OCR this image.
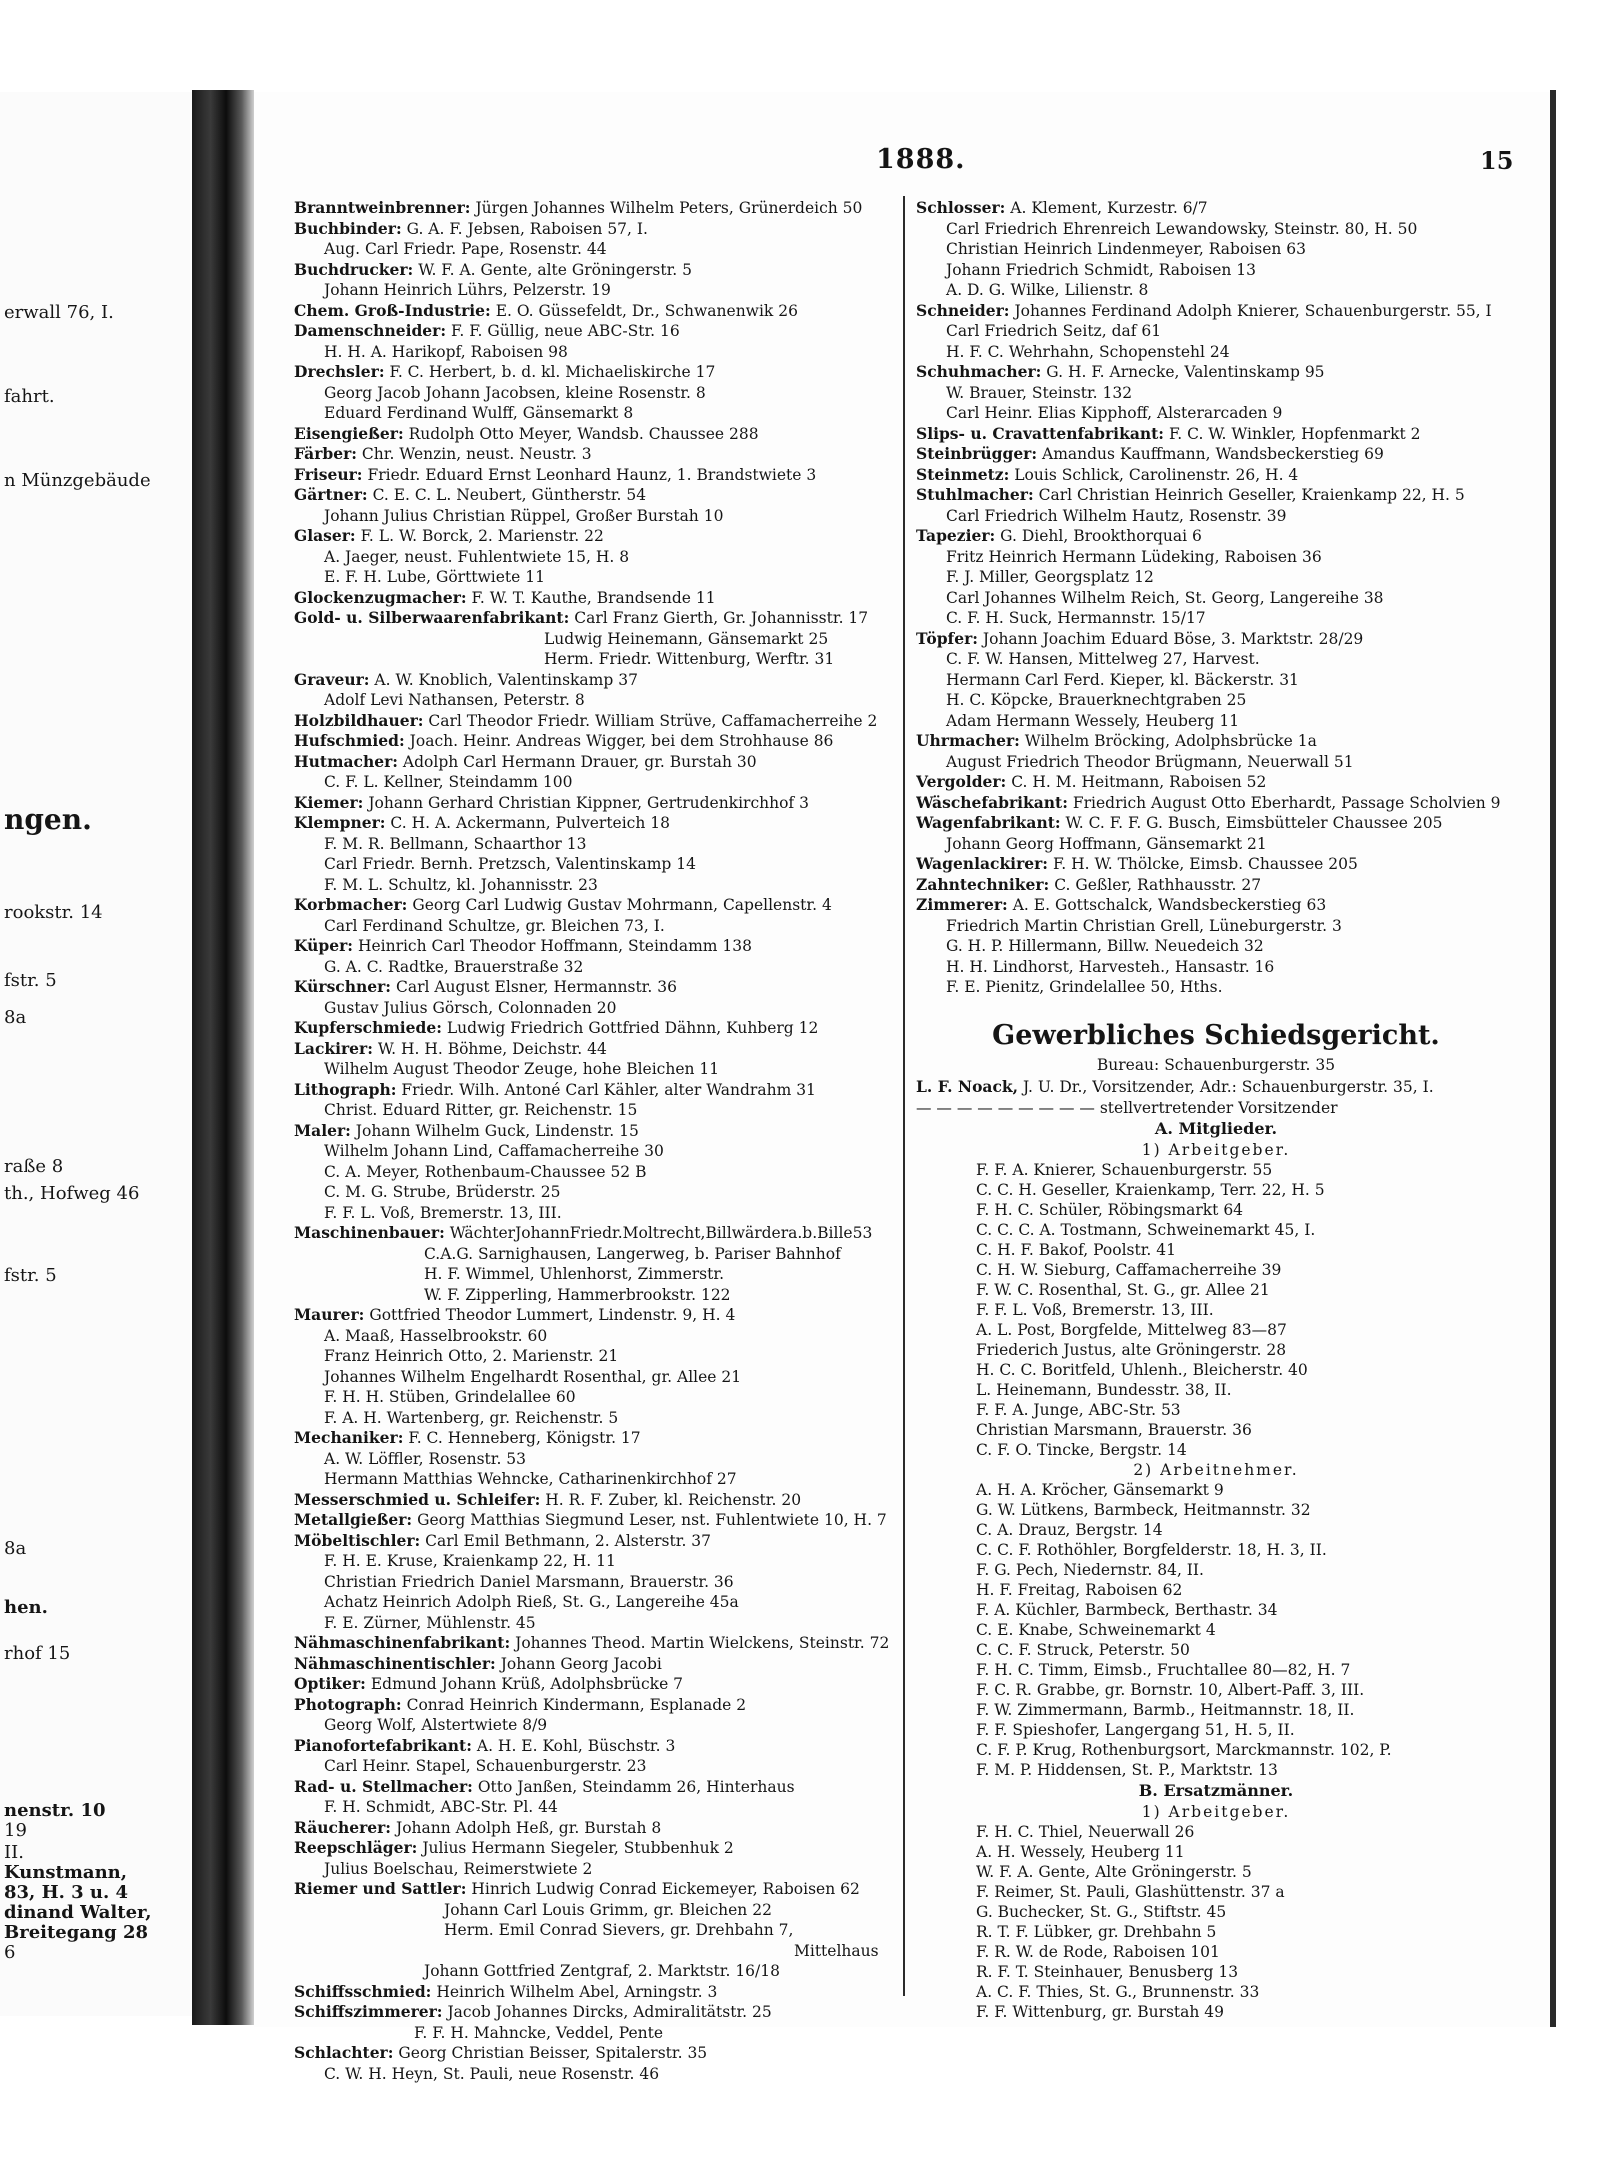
erwall 76, I.
fahrt.
n Münzgebäude
ngen.
rookstr. 14
fstr. 5
8a
raße 8
th., Hofweg 46
fstr. 5
8a
hen.
rhof 15
nenstr. 10
19
II.
Kunstmann,
83, H. 3 u. 4
dinand Walter,
Breitegang 28
6
1888.	15
Branntweinbrenner: Jürgen Johannes Wilhelm Peters, Grünerdeich 50
Buchbinder: G. A. F. Jebsen, Raboisen 57, I.
Aug. Carl Friedr. Pape, Rosenstr. 44
Buchdrucker: W. F. A. Gente, alte Gröningerstr. 5
Johann Heinrich Lührs, Pelzerstr. 19
Chem. Groß-Industrie: E. O. Güssefeldt, Dr., Schwanenwik 26
Damenschneider: F. F. Güllig, neue ABC-Str. 16
H. H. A. Harikopf, Raboisen 98
Drechsler: F. C. Herbert, b. d. kl. Michaeliskirche 17
Georg Jacob Johann Jacobsen, kleine Rosenstr. 8
Eduard Ferdinand Wulff, Gänsemarkt 8
Eisengießer: Rudolph Otto Meyer, Wandsb. Chaussee 288
Färber: Chr. Wenzin, neust. Neustr. 3
Friseur: Friedr. Eduard Ernst Leonhard Haunz, 1. Brandstwiete 3
Gärtner: C. E. C. L. Neubert, Güntherstr. 54
Johann Julius Christian Rüppel, Großer Burstah 10
Glaser: F. L. W. Borck, 2. Marienstr. 22
A. Jaeger, neust. Fuhlentwiete 15, H. 8
E. F. H. Lube, Görttwiete 11
Glockenzugmacher: F. W. T. Kauthe, Brandsende 11
Gold- u. Silberwaarenfabrikant: Carl Franz Gierth, Gr. Johannisstr. 17
Ludwig Heinemann, Gänsemarkt 25
Herm. Friedr. Wittenburg, Werftr. 31
Graveur: A. W. Knoblich, Valentinskamp 37
Adolf Levi Nathansen, Peterstr. 8
Holzbildhauer: Carl Theodor Friedr. William Strüve, Caffamacherreihe 2
Hufschmied: Joach. Heinr. Andreas Wigger, bei dem Strohhause 86
Hutmacher: Adolph Carl Hermann Drauer, gr. Burstah 30
C. F. L. Kellner, Steindamm 100
Kiemer: Johann Gerhard Christian Kippner, Gertrudenkirchhof 3
Klempner: C. H. A. Ackermann, Pulverteich 18
F. M. R. Bellmann, Schaarthor 13
Carl Friedr. Bernh. Pretzsch, Valentinskamp 14
F. M. L. Schultz, kl. Johannisstr. 23
Korbmacher: Georg Carl Ludwig Gustav Mohrmann, Capellenstr. 4
Carl Ferdinand Schultze, gr. Bleichen 73, I.
Küper: Heinrich Carl Theodor Hoffmann, Steindamm 138
G. A. C. Radtke, Brauerstraße 32
Kürschner: Carl August Elsner, Hermannstr. 36
Gustav Julius Görsch, Colonnaden 20
Kupferschmiede: Ludwig Friedrich Gottfried Dähnn, Kuhberg 12
Lackirer: W. H. H. Böhme, Deichstr. 44
Wilhelm August Theodor Zeuge, hohe Bleichen 11
Lithograph: Friedr. Wilh. Antoné Carl Kähler, alter Wandrahm 31
Christ. Eduard Ritter, gr. Reichenstr. 15
Maler: Johann Wilhelm Guck, Lindenstr. 15
Wilhelm Johann Lind, Caffamacherreihe 30
C. A. Meyer, Rothenbaum-Chaussee 52 B
C. M. G. Strube, Brüderstr. 25
F. F. L. Voß, Bremerstr. 13, III.
Maschinenbauer: WächterJohannFriedr.Moltrecht,Billwärdera.b.Bille53
C.A.G. Sarnighausen, Langerweg, b. Pariser Bahnhof
H. F. Wimmel, Uhlenhorst, Zimmerstr.
W. F. Zipperling, Hammerbrookstr. 122
Maurer: Gottfried Theodor Lummert, Lindenstr. 9, H. 4
A. Maaß, Hasselbrookstr. 60
Franz Heinrich Otto, 2. Marienstr. 21
Johannes Wilhelm Engelhardt Rosenthal, gr. Allee 21
F. H. H. Stüben, Grindelallee 60
F. A. H. Wartenberg, gr. Reichenstr. 5
Mechaniker: F. C. Henneberg, Königstr. 17
A. W. Löffler, Rosenstr. 53
Hermann Matthias Wehncke, Catharinenkirchhof 27
Messerschmied u. Schleifer: H. R. F. Zuber, kl. Reichenstr. 20
Metallgießer: Georg Matthias Siegmund Leser, nst. Fuhlentwiete 10, H. 7
Möbeltischler: Carl Emil Bethmann, 2. Alsterstr. 37
F. H. E. Kruse, Kraienkamp 22, H. 11
Christian Friedrich Daniel Marsmann, Brauerstr. 36
Achatz Heinrich Adolph Rieß, St. G., Langereihe 45a
F. E. Zürner, Mühlenstr. 45
Nähmaschinenfabrikant: Johannes Theod. Martin Wielckens, Steinstr. 72
Nähmaschinentischler: Johann Georg Jacobi
Optiker: Edmund Johann Krüß, Adolphsbrücke 7
Photograph: Conrad Heinrich Kindermann, Esplanade 2
Georg Wolf, Alstertwiete 8/9
Pianofortefabrikant: A. H. E. Kohl, Büschstr. 3
Carl Heinr. Stapel, Schauenburgerstr. 23
Rad- u. Stellmacher: Otto Janßen, Steindamm 26, Hinterhaus
F. H. Schmidt, ABC-Str. Pl. 44
Räucherer: Johann Adolph Heß, gr. Burstah 8
Reepschläger: Julius Hermann Siegeler, Stubbenhuk 2
Julius Boelschau, Reimerstwiete 2
Riemer und Sattler: Hinrich Ludwig Conrad Eickemeyer, Raboisen 62
Johann Carl Louis Grimm, gr. Bleichen 22
Herm. Emil Conrad Sievers, gr. Drehbahn 7,
Mittelhaus
Johann Gottfried Zentgraf, 2. Marktstr. 16/18
Schiffsschmied: Heinrich Wilhelm Abel, Arningstr. 3
Schiffszimmerer: Jacob Johannes Dircks, Admiralitätstr. 25
F. F. H. Mahncke, Veddel, Pente
Schlachter: Georg Christian Beisser, Spitalerstr. 35
C. W. H. Heyn, St. Pauli, neue Rosenstr. 46
Schlosser: A. Klement, Kurzestr. 6/7
Carl Friedrich Ehrenreich Lewandowsky, Steinstr. 80, H. 50
Christian Heinrich Lindenmeyer, Raboisen 63
Johann Friedrich Schmidt, Raboisen 13
A. D. G. Wilke, Lilienstr. 8
Schneider: Johannes Ferdinand Adolph Knierer, Schauenburgerstr. 55, I
Carl Friedrich Seitz, daf 61
H. F. C. Wehrhahn, Schopenstehl 24
Schuhmacher: G. H. F. Arnecke, Valentinskamp 95
W. Brauer, Steinstr. 132
Carl Heinr. Elias Kipphoff, Alsterarcaden 9
Slips- u. Cravattenfabrikant: F. C. W. Winkler, Hopfenmarkt 2
Steinbrügger: Amandus Kauffmann, Wandsbeckerstieg 69
Steinmetz: Louis Schlick, Carolinenstr. 26, H. 4
Stuhlmacher: Carl Christian Heinrich Geseller, Kraienkamp 22, H. 5
Carl Friedrich Wilhelm Hautz, Rosenstr. 39
Tapezier: G. Diehl, Brookthorquai 6
Fritz Heinrich Hermann Lüdeking, Raboisen 36
F. J. Miller, Georgsplatz 12
Carl Johannes Wilhelm Reich, St. Georg, Langereihe 38
C. F. H. Suck, Hermannstr. 15/17
Töpfer: Johann Joachim Eduard Böse, 3. Marktstr. 28/29
C. F. W. Hansen, Mittelweg 27, Harvest.
Hermann Carl Ferd. Kieper, kl. Bäckerstr. 31
H. C. Köpcke, Brauerknechtgraben 25
Adam Hermann Wessely, Heuberg 11
Uhrmacher: Wilhelm Bröcking, Adolphsbrücke 1a
August Friedrich Theodor Brügmann, Neuerwall 51
Vergolder: C. H. M. Heitmann, Raboisen 52
Wäschefabrikant: Friedrich August Otto Eberhardt, Passage Scholvien 9
Wagenfabrikant: W. C. F. F. G. Busch, Eimsbütteler Chaussee 205
Johann Georg Hoffmann, Gänsemarkt 21
Wagenlackirer: F. H. W. Thölcke, Eimsb. Chaussee 205
Zahntechniker: C. Geßler, Rathhausstr. 27
Zimmerer: A. E. Gottschalck, Wandsbeckerstieg 63
Friedrich Martin Christian Grell, Lüneburgerstr. 3
G. H. P. Hillermann, Billw. Neuedeich 32
H. H. Lindhorst, Harvestеh., Hansastr. 16
F. E. Pienitz, Grindelallee 50, Hths.
Gewerbliches Schiedsgericht.
Bureau: Schauenburgerstr. 35
L. F. Noack, J. U. Dr., Vorsitzender, Adr.: Schauenburgerstr. 35, I.
— — — — — — — — — stellvertretender Vorsitzender
A. Mitglieder.
1) Arbeitgeber.
F. F. A. Knierer, Schauenburgerstr. 55
C. C. H. Geseller, Kraienkamp, Terr. 22, H. 5
F. H. C. Schüler, Röbingsmarkt 64
C. C. C. A. Tostmann, Schweinemarkt 45, I.
C. H. F. Bakof, Poolstr. 41
C. H. W. Sieburg, Caffamacherreihe 39
F. W. C. Rosenthal, St. G., gr. Allee 21
F. F. L. Voß, Bremerstr. 13, III.
A. L. Post, Borgfelde, Mittelweg 83—87
Friederich Justus, alte Gröningerstr. 28
H. C. C. Boritfeld, Uhlenh., Bleicherstr. 40
L. Heinemann, Bundesstr. 38, II.
F. F. A. Junge, ABC-Str. 53
Christian Marsmann, Brauerstr. 36
C. F. O. Tincke, Bergstr. 14
2) Arbeitnehmer.
A. H. A. Kröcher, Gänsemarkt 9
G. W. Lütkens, Barmbeck, Heitmannstr. 32
C. A. Drauz, Bergstr. 14
C. C. F. Rothöhler, Borgfelderstr. 18, H. 3, II.
F. G. Pech, Niedernstr. 84, II.
H. F. Freitag, Raboisen 62
F. A. Küchler, Barmbeck, Berthastr. 34
C. E. Knabe, Schweinemarkt 4
C. C. F. Struck, Peterstr. 50
F. H. C. Timm, Eimsb., Fruchtallee 80—82, H. 7
F. C. R. Grabbe, gr. Bornstr. 10, Albert-Paff. 3, III.
F. W. Zimmermann, Barmb., Heitmannstr. 18, II.
F. F. Spieshofer, Langergang 51, H. 5, II.
C. F. P. Krug, Rothenburgsort, Marckmannstr. 102, P.
F. M. P. Hiddensen, St. P., Marktstr. 13
B. Ersatzmänner.
1) Arbeitgeber.
F. H. C. Thiel, Neuerwall 26
A. H. Wessely, Heuberg 11
W. F. A. Gente, Alte Gröningerstr. 5
F. Reimer, St. Pauli, Glashüttenstr. 37 a
G. Buchecker, St. G., Stiftstr. 45
R. T. F. Lübker, gr. Drehbahn 5
F. R. W. de Rode, Raboisen 101
R. F. T. Steinhauer, Benusberg 13
A. C. F. Thies, St. G., Brunnenstr. 33
F. F. Wittenburg, gr. Burstah 49
